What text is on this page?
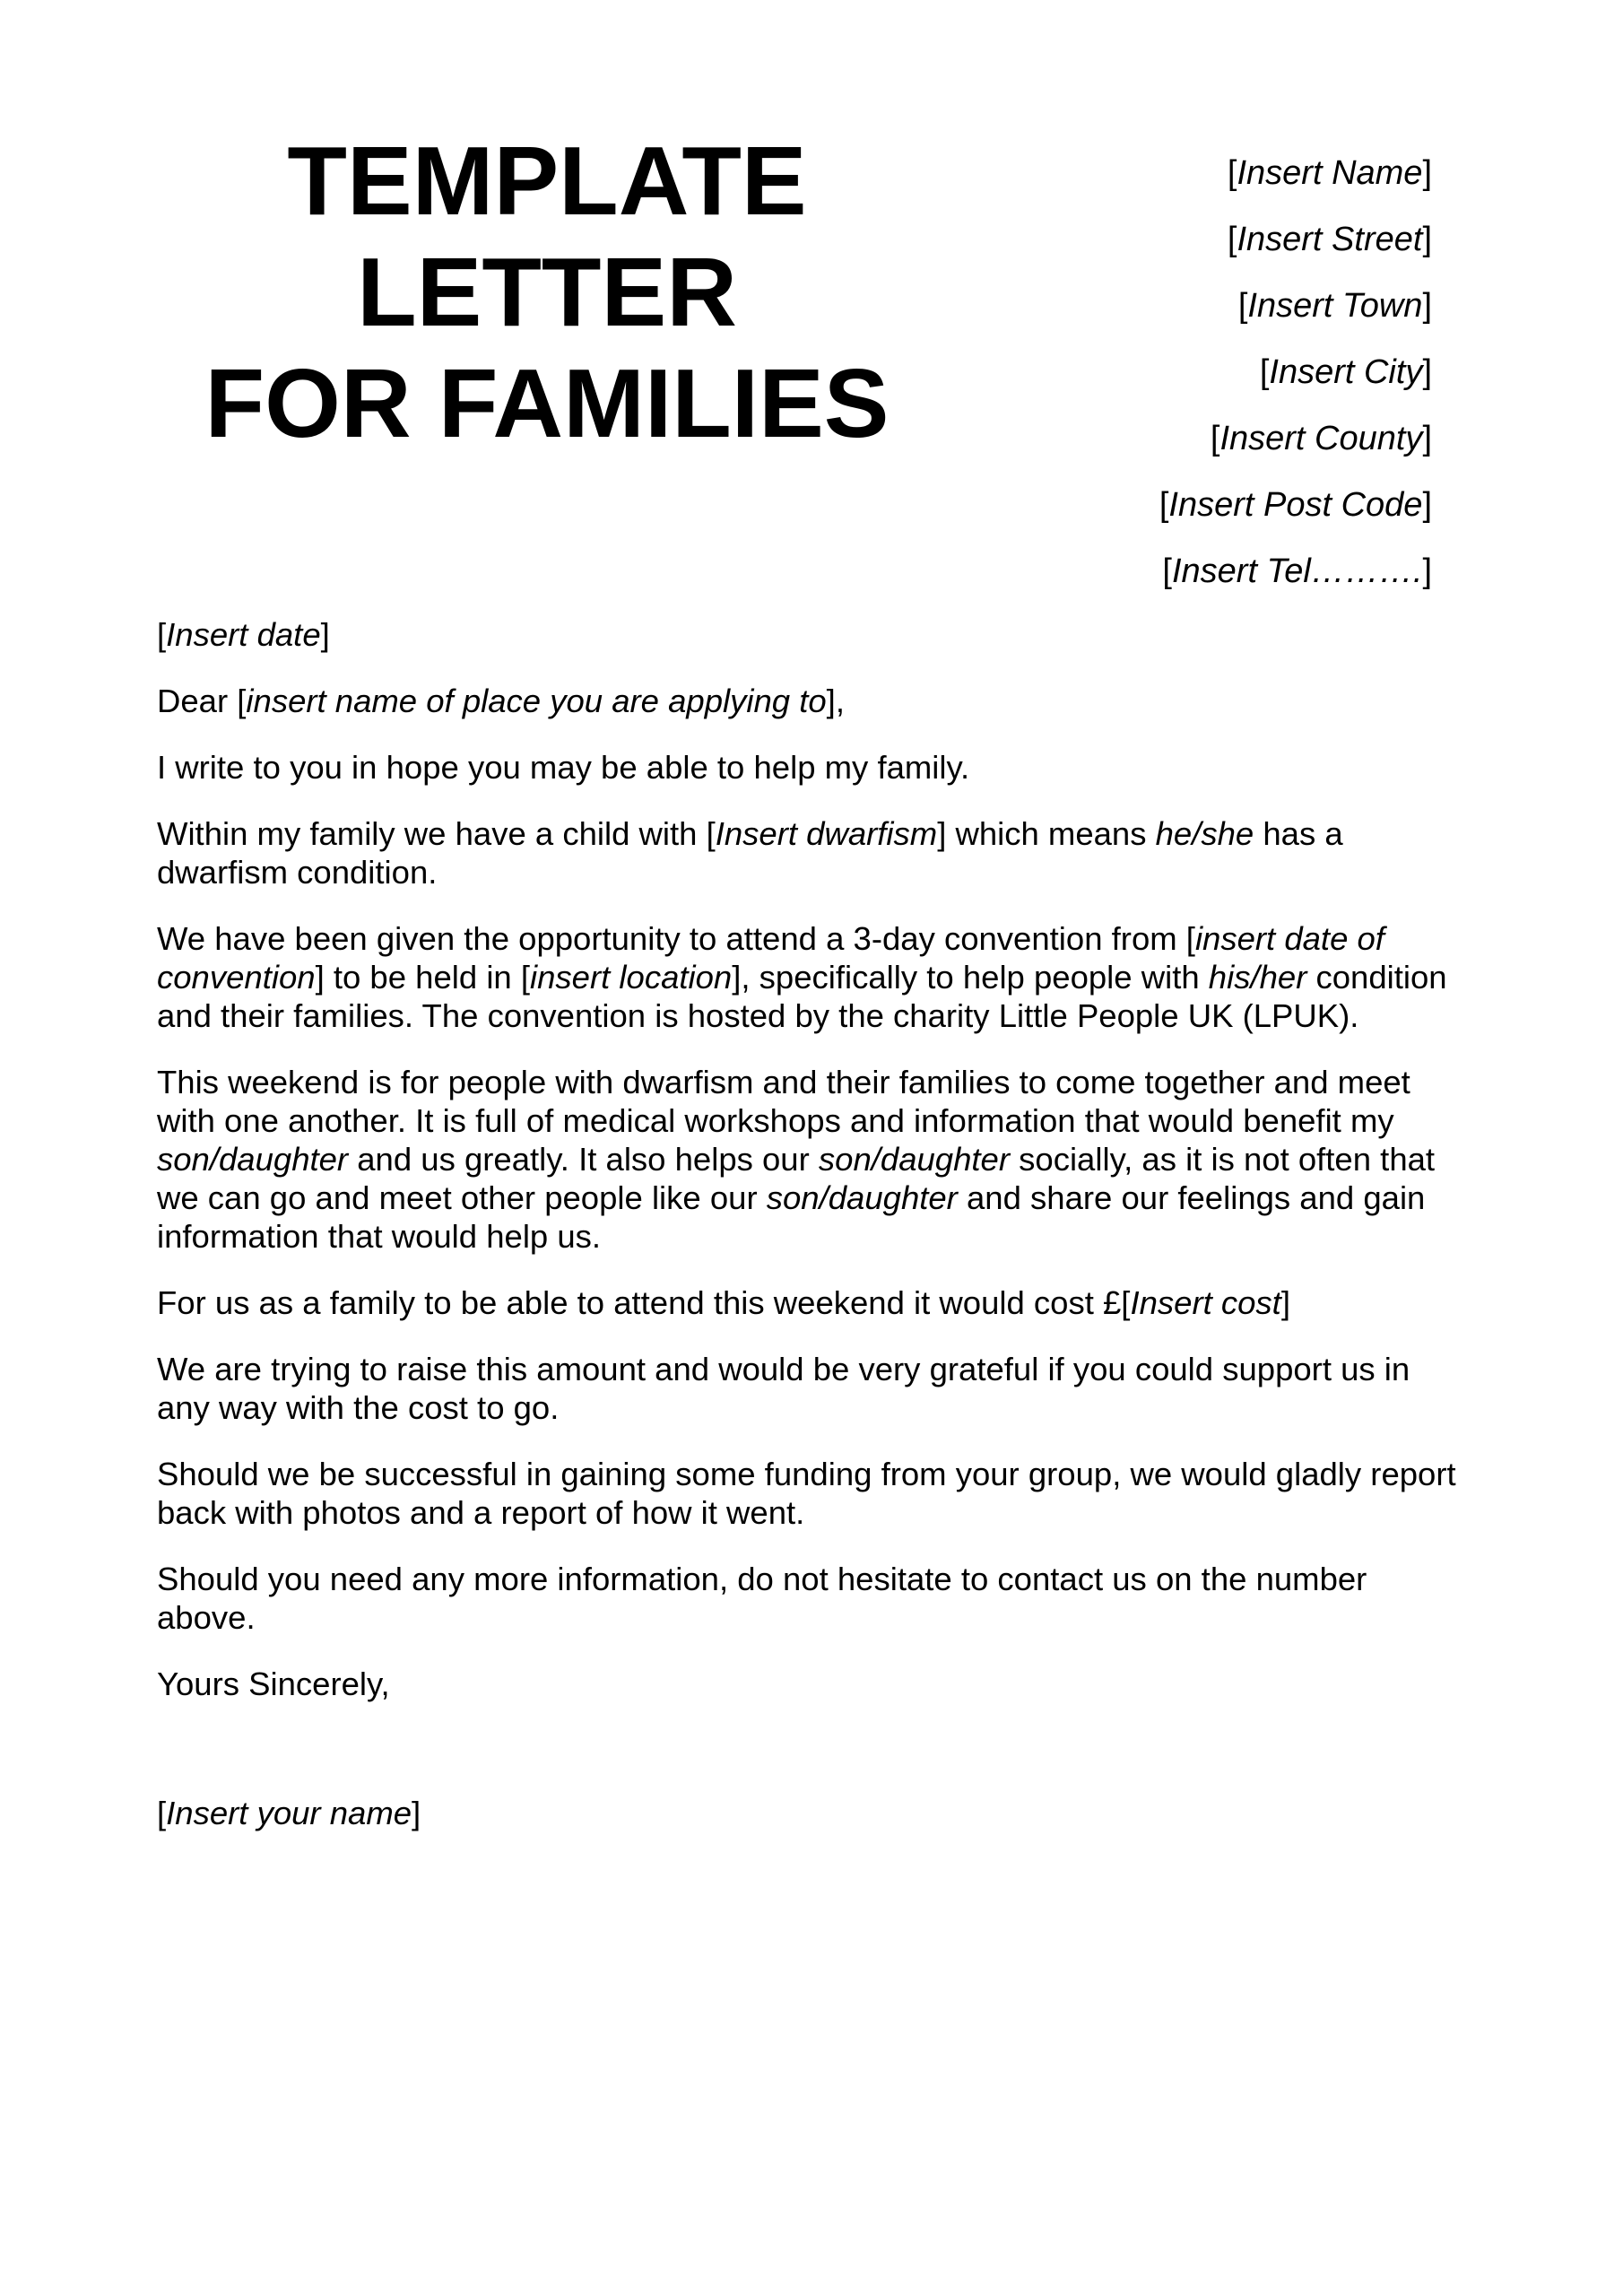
TEMPLATE LETTER
FOR FAMILIES
[Insert Name]
[Insert Street]
[Insert Town]
[Insert City]
[Insert County]
[Insert Post Code]
[Insert Tel……….]

[Insert date]

Dear [insert name of place you are applying to],

I write to you in hope you may be able to help my family.

Within my family we have a child with [Insert dwarfism] which means he/she has a dwarfism condition.

We have been given the opportunity to attend a 3-day convention from [insert date of convention] to be held in [insert location], specifically to help people with his/her condition and their families. The convention is hosted by the charity Little People UK (LPUK).

This weekend is for people with dwarfism and their families to come together and meet with one another. It is full of medical workshops and information that would benefit my son/daughter and us greatly. It also helps our son/daughter socially, as it is not often that we can go and meet other people like our son/daughter and share our feelings and gain information that would help us.

For us as a family to be able to attend this weekend it would cost £[Insert cost]

We are trying to raise this amount and would be very grateful if you could support us in any way with the cost to go.

Should we be successful in gaining some funding from your group, we would gladly report back with photos and a report of how it went.

Should you need any more information, do not hesitate to contact us on the number above.

Yours Sincerely,

[Insert your name]
